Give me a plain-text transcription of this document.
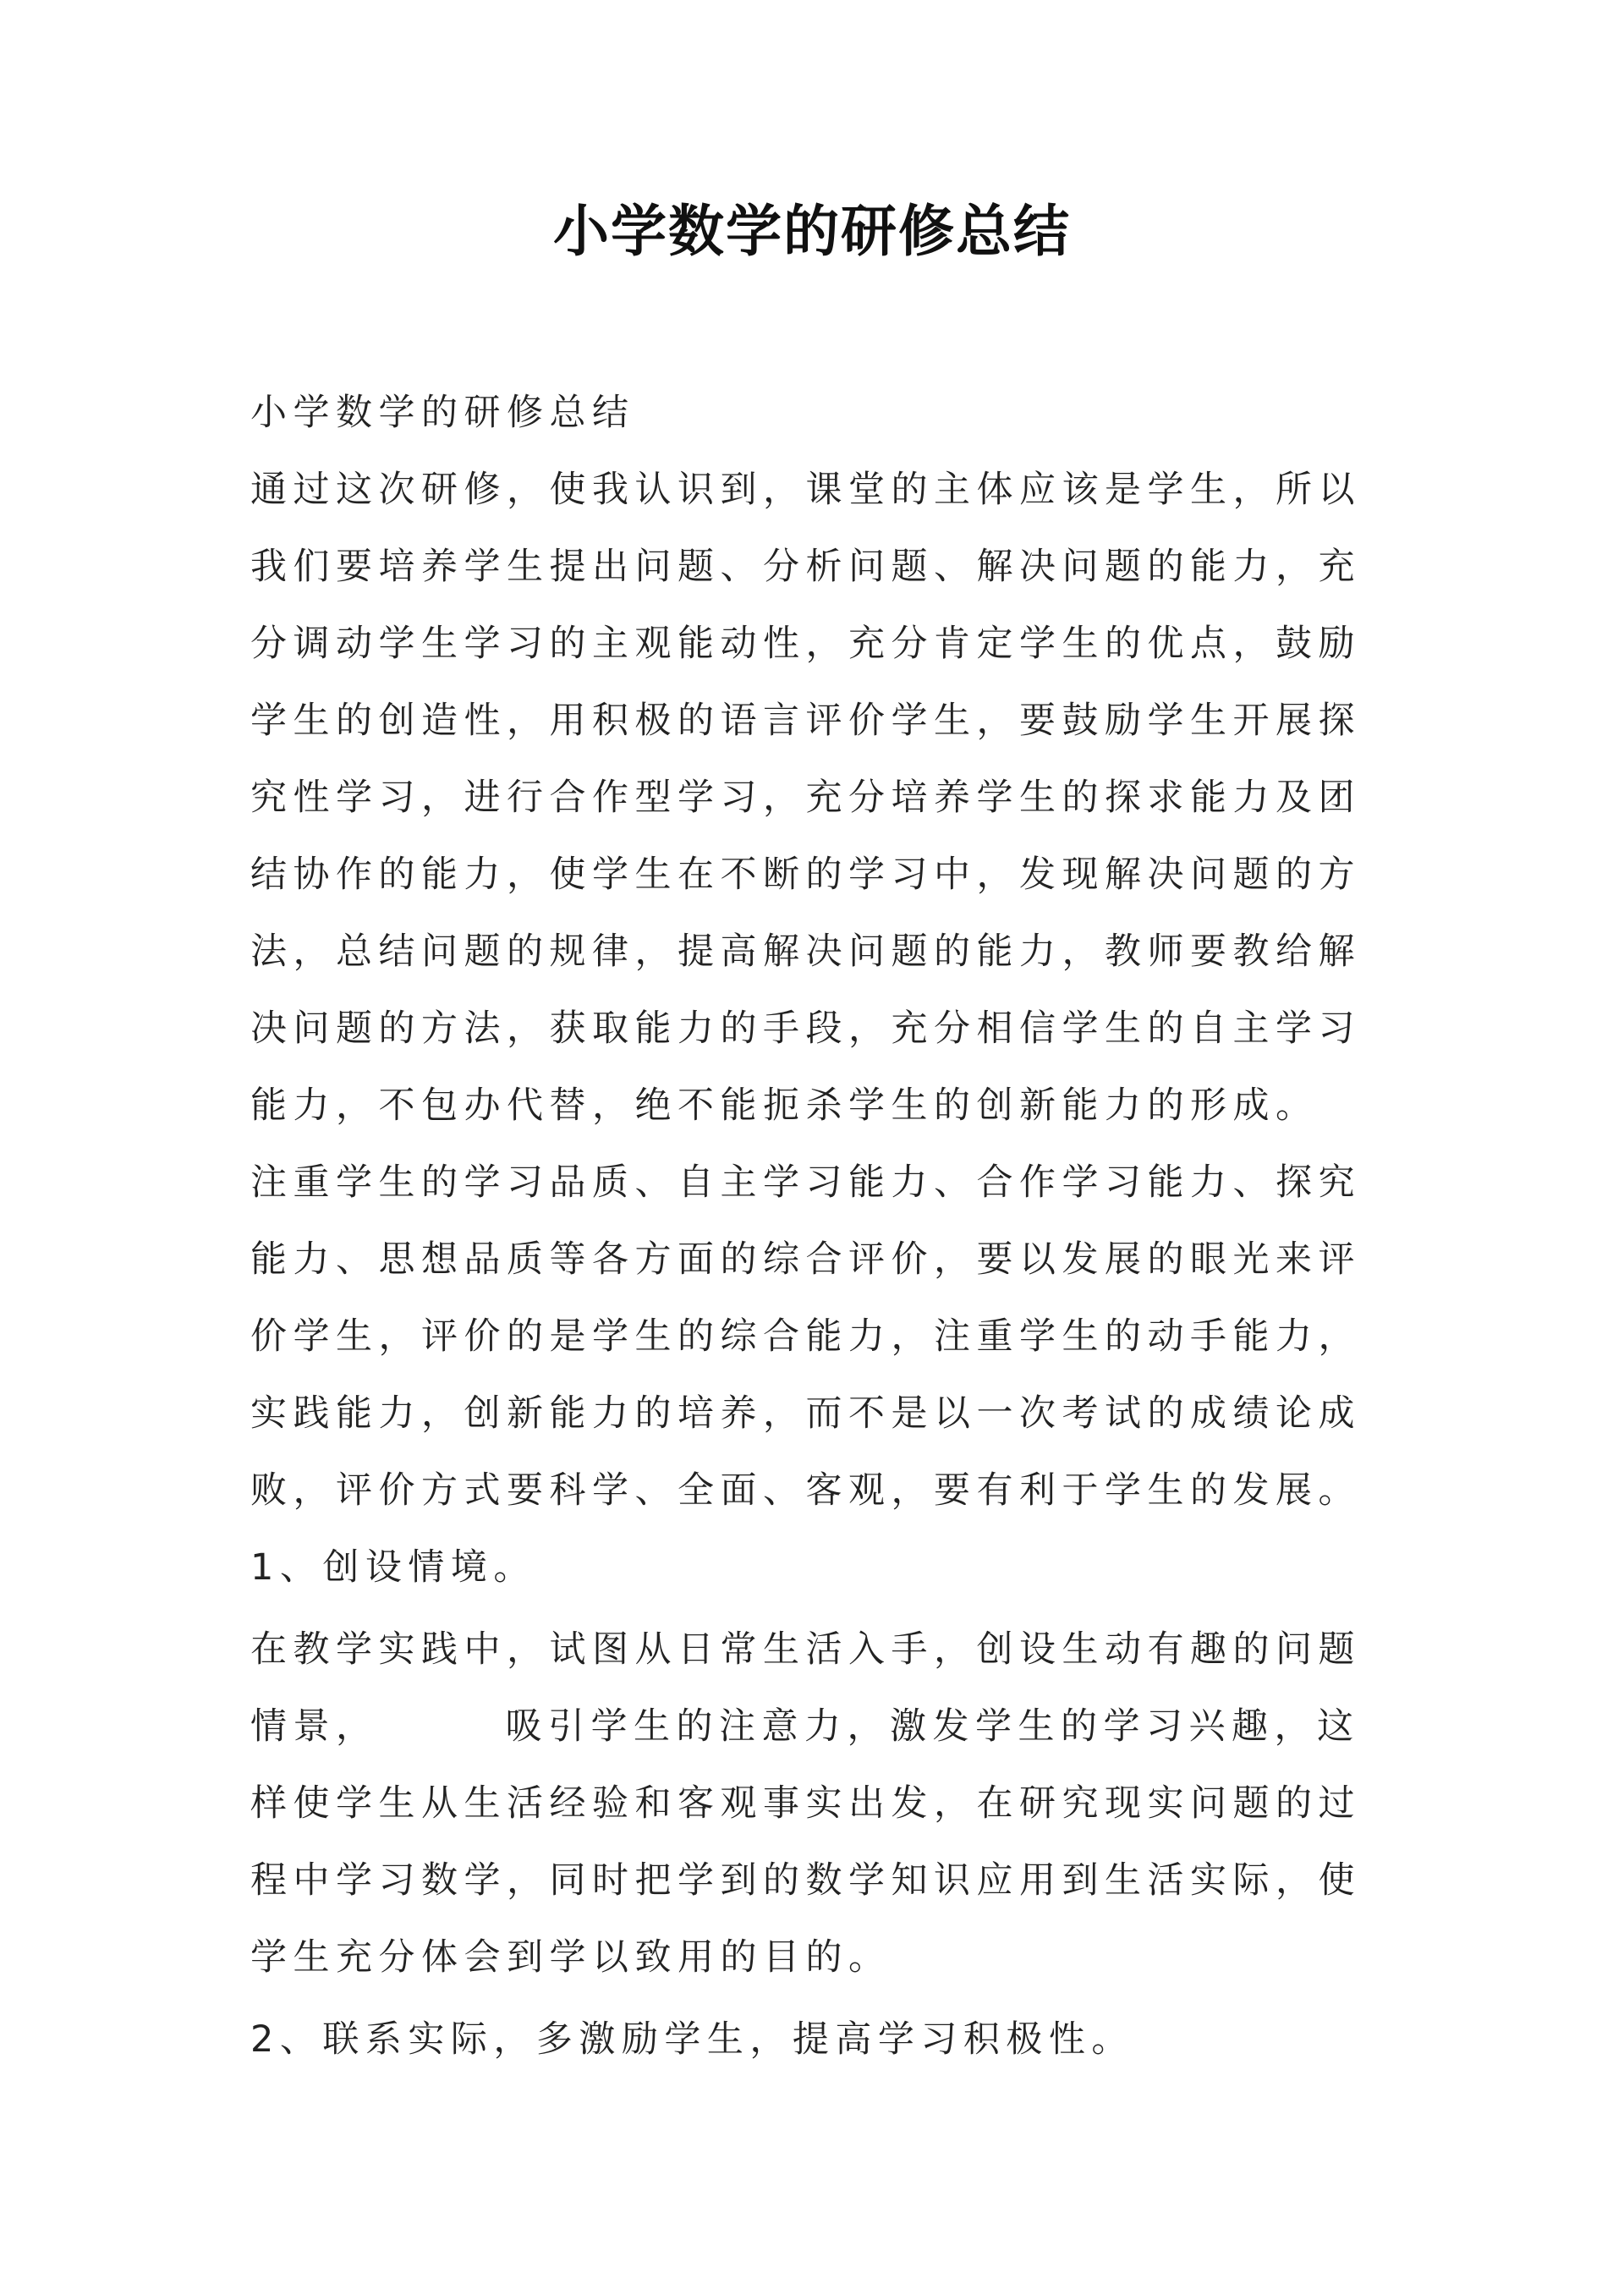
小学数学的研修总结
小学数学的研修总结
通过这次研修，使我认识到，课堂的主体应该是学生，所以
我们要培养学生提出问题、分析问题、解决问题的能力，充
分调动学生学习的主观能动性，充分肯定学生的优点，鼓励
学生的创造性，用积极的语言评价学生，要鼓励学生开展探
究性学习，进行合作型学习，充分培养学生的探求能力及团
结协作的能力，使学生在不断的学习中，发现解决问题的方
法，总结问题的规律，提高解决问题的能力，教师要教给解
决问题的方法，获取能力的手段，充分相信学生的自主学习
能力，不包办代替，绝不能扼杀学生的创新能力的形成。
注重学生的学习品质、自主学习能力、合作学习能力、探究
能力、思想品质等各方面的综合评价，要以发展的眼光来评
价学生，评价的是学生的综合能力，注重学生的动手能力，
实践能力，创新能力的培养，而不是以一次考试的成绩论成
败，评价方式要科学、全面、客观，要有利于学生的发展。
1、创设情境。
在教学实践中，试图从日常生活入手，创设生动有趣的问题
情景，	吸引学生的注意力，激发学生的学习兴趣，这
样使学生从生活经验和客观事实出发，在研究现实问题的过
程中学习数学，同时把学到的数学知识应用到生活实际，使
学生充分体会到学以致用的目的。
2、联系实际，多激励学生，提高学习积极性。
